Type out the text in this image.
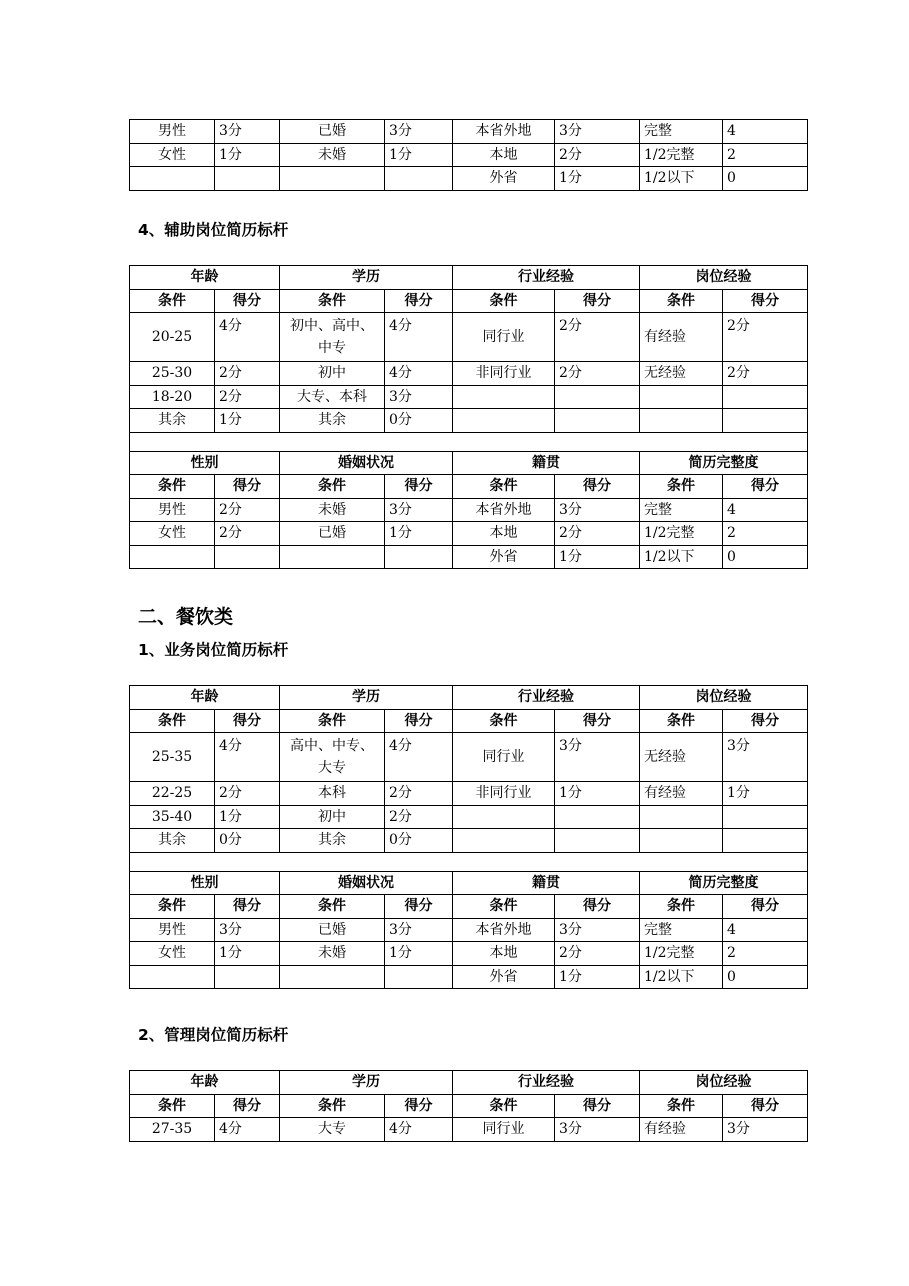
男性	3分	已婚	3分	本省外地	3分	完整	4
女性	1分	未婚	1分	本地	2分	1/2完整	2
				外省	1分	1/2以下	0
4、辅助岗位简历标杆
年龄		学历		行业经验		岗位经验	
条件	得分	条件	得分	条件	得分	条件	得分
20-25	4分	初中、高中、中专	4分	同行业	2分	有经验	2分
25-30	2分	初中	4分	非同行业	2分	无经验	2分
18-20	2分	大专、本科	3分				
其余	1分	其余	0分				

性别		婚姻状况		籍贯		简历完整度	
条件	得分	条件	得分	条件	得分	条件	得分
男性	2分	未婚	3分	本省外地	3分	完整	4
女性	2分	已婚	1分	本地	2分	1/2完整	2
				外省	1分	1/2以下	0
二、餐饮类
1、业务岗位简历标杆
年龄		学历		行业经验		岗位经验	
条件	得分	条件	得分	条件	得分	条件	得分
25-35	4分	高中、中专、大专	4分	同行业	3分	无经验	3分
22-25	2分	本科	2分	非同行业	1分	有经验	1分
35-40	1分	初中	2分				
其余	0分	其余	0分				

性别		婚姻状况		籍贯		简历完整度	
条件	得分	条件	得分	条件	得分	条件	得分
男性	3分	已婚	3分	本省外地	3分	完整	4
女性	1分	未婚	1分	本地	2分	1/2完整	2
				外省	1分	1/2以下	0
2、管理岗位简历标杆
年龄		学历		行业经验		岗位经验	
条件	得分	条件	得分	条件	得分	条件	得分
27-35	4分	大专	4分	同行业	3分	有经验	3分
